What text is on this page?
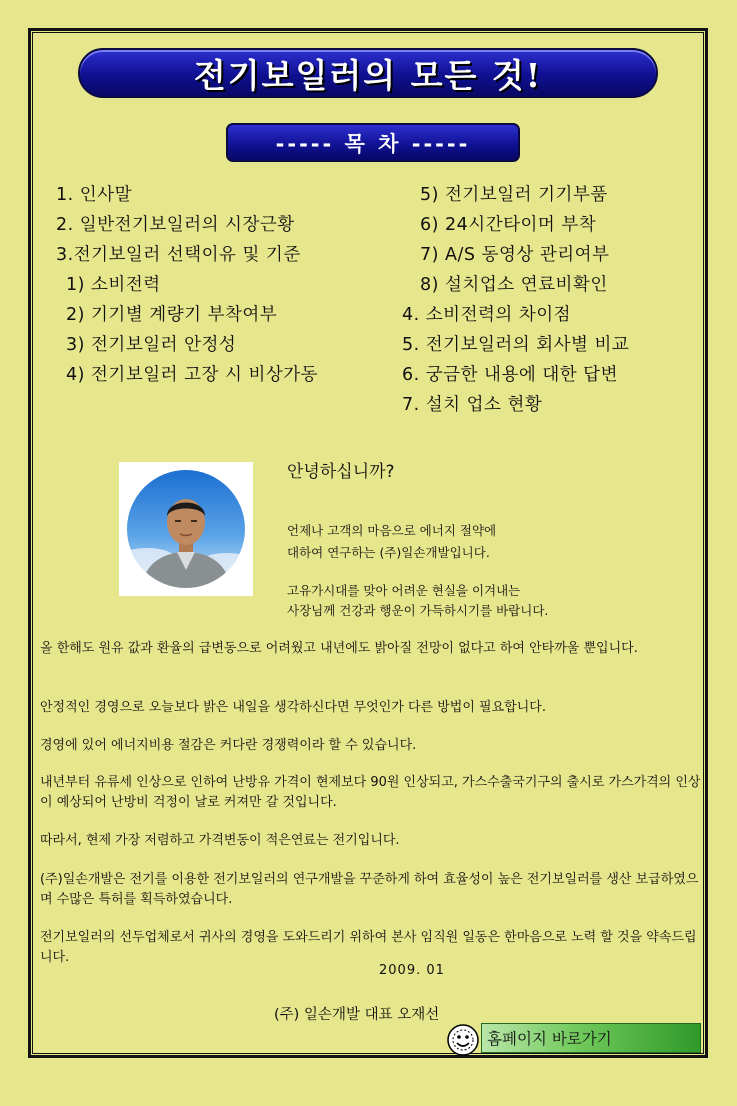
전기보일러의 모든 것!
----- 목 차 -----
1. 인사말
2. 일반전기보일러의 시장근황
3.전기보일러 선택이유 및 기준
1) 소비전력
2) 기기별 계량기 부착여부
3) 전기보일러 안정성
4) 전기보일러 고장 시 비상가동
5) 전기보일러 기기부품
6) 24시간타이머 부착
7) A/S 동영상 관리여부
8) 설치업소 연료비확인
4. 소비전력의 차이점
5. 전기보일러의 회사별 비교
6. 궁금한 내용에 대한 답변
7. 설치 업소 현황
안녕하십니까?
언제나 고객의 마음으로 에너지 절약에
대하여 연구하는 (주)일손개발입니다.
고유가시대를 맞아 어려운 현실을 이겨내는
사장님께 건강과 행운이 가득하시기를 바랍니다.
올 한해도 원유 값과 환율의 급변동으로 어려웠고 내년에도 밝아질 전망이 없다고 하여 안타까울 뿐입니다.
안정적인 경영으로 오늘보다 밝은 내일을 생각하신다면 무엇인가 다른 방법이 필요합니다.
경영에 있어 에너지비용 절감은 커다란 경쟁력이라 할 수 있습니다.
내년부터 유류세 인상으로 인하여 난방유 가격이 현제보다 90원 인상되고, 가스수출국기구의 출시로 가스가격의 인상이 예상되어 난방비 걱정이 날로 커져만 갈 것입니다.
따라서, 현제 가장 저렴하고 가격변동이 적은연료는 전기입니다.
(주)일손개발은 전기를 이용한 전기보일러의 연구개발을 꾸준하게 하여 효율성이 높은 전기보일러를 생산 보급하였으며 수많은 특허를 획득하였습니다.
전기보일러의 선두업체로서 귀사의 경영을 도와드리기 위하여 본사 임직원 일동은 한마음으로 노력 할 것을 약속드립니다.
2009. 01
(주) 일손개발 대표 오재선
홈페이지 바로가기
